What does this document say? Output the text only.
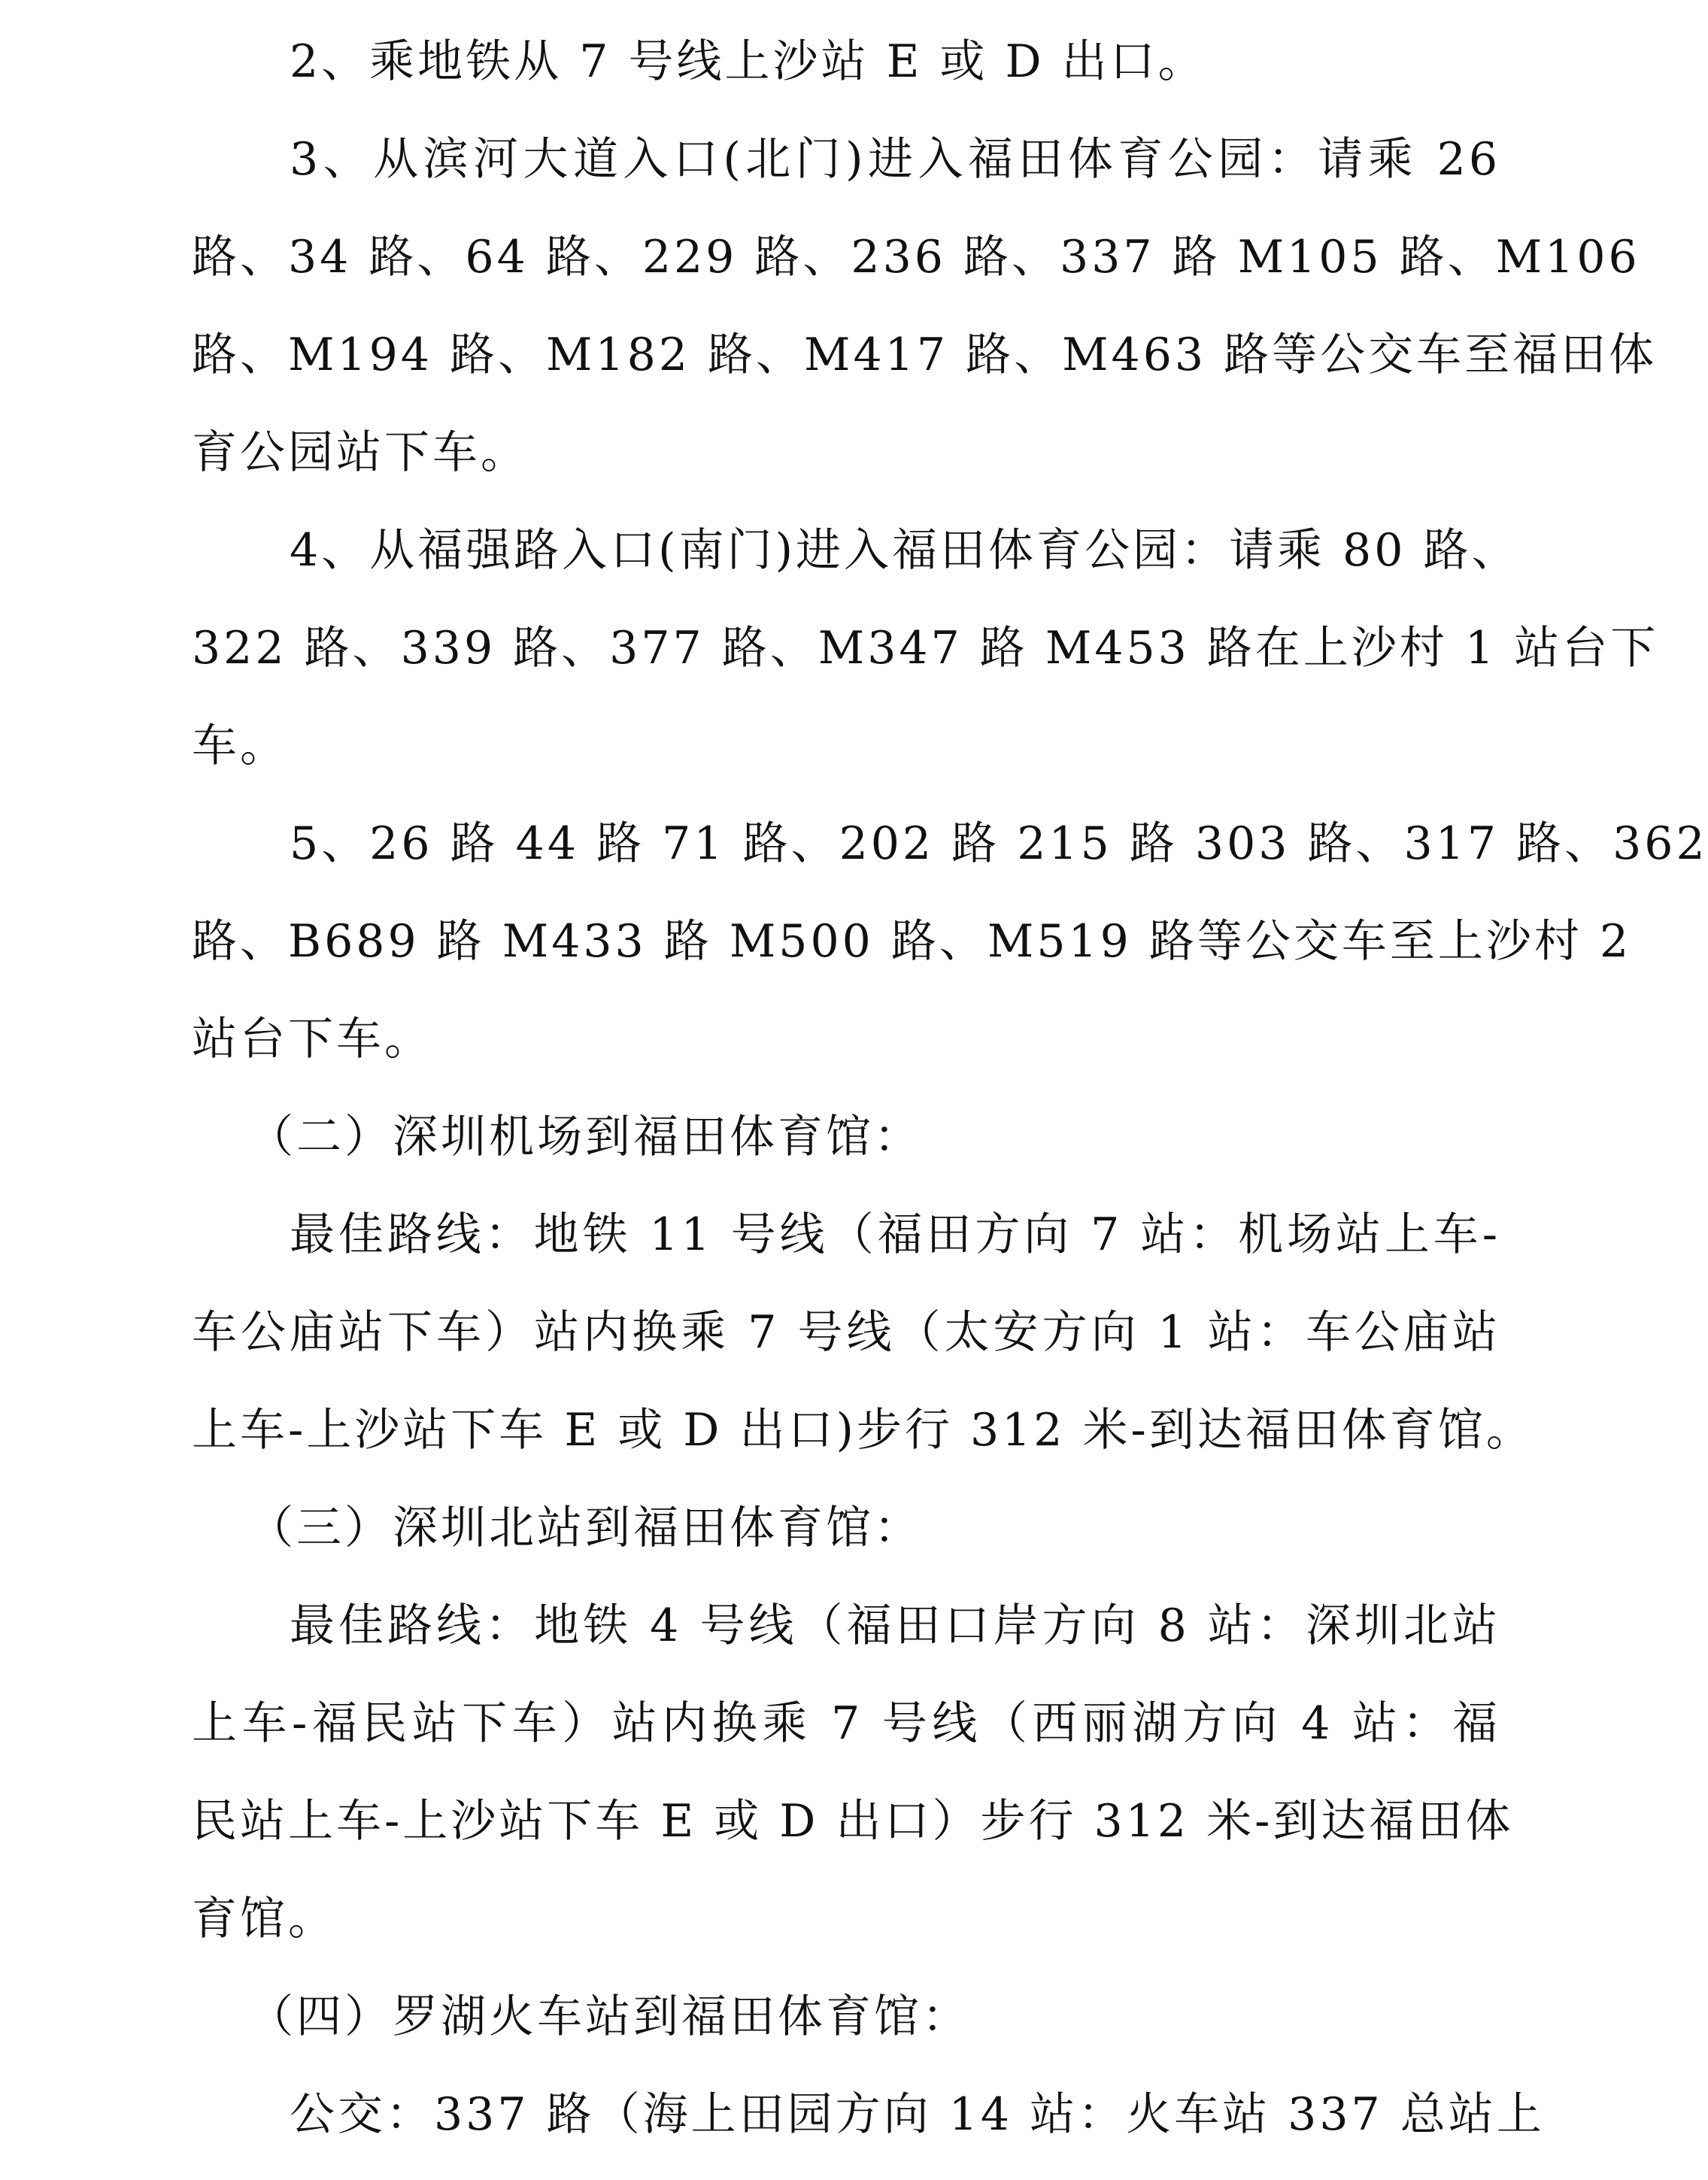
2、乘地铁从 7 号线上沙站 E 或 D 出口。
3、从滨河大道入口(北门)进入福田体育公园：请乘 26
路、34 路、64 路、229 路、236 路、337 路 M105 路、M106
路、M194 路、M182 路、M417 路、M463 路等公交车至福田体
育公园站下车。
4、从福强路入口(南门)进入福田体育公园：请乘 80 路、
322 路、339 路、377 路、M347 路 M453 路在上沙村 1 站台下
车。
5、26 路 44 路 71 路、202 路 215 路 303 路、317 路、362
路、B689 路 M433 路 M500 路、M519 路等公交车至上沙村 2
站台下车。
（二）深圳机场到福田体育馆：
最佳路线：地铁 11 号线（福田方向 7 站：机场站上车-
车公庙站下车）站内换乘 7 号线（太安方向 1 站：车公庙站
上车-上沙站下车 E 或 D 出口)步行 312 米-到达福田体育馆。
（三）深圳北站到福田体育馆：
最佳路线：地铁 4 号线（福田口岸方向 8 站：深圳北站
上车-福民站下车）站内换乘 7 号线（西丽湖方向 4 站：福
民站上车-上沙站下车 E 或 D 出口）步行 312 米-到达福田体
育馆。
（四）罗湖火车站到福田体育馆：
公交：337 路（海上田园方向 14 站：火车站 337 总站上
